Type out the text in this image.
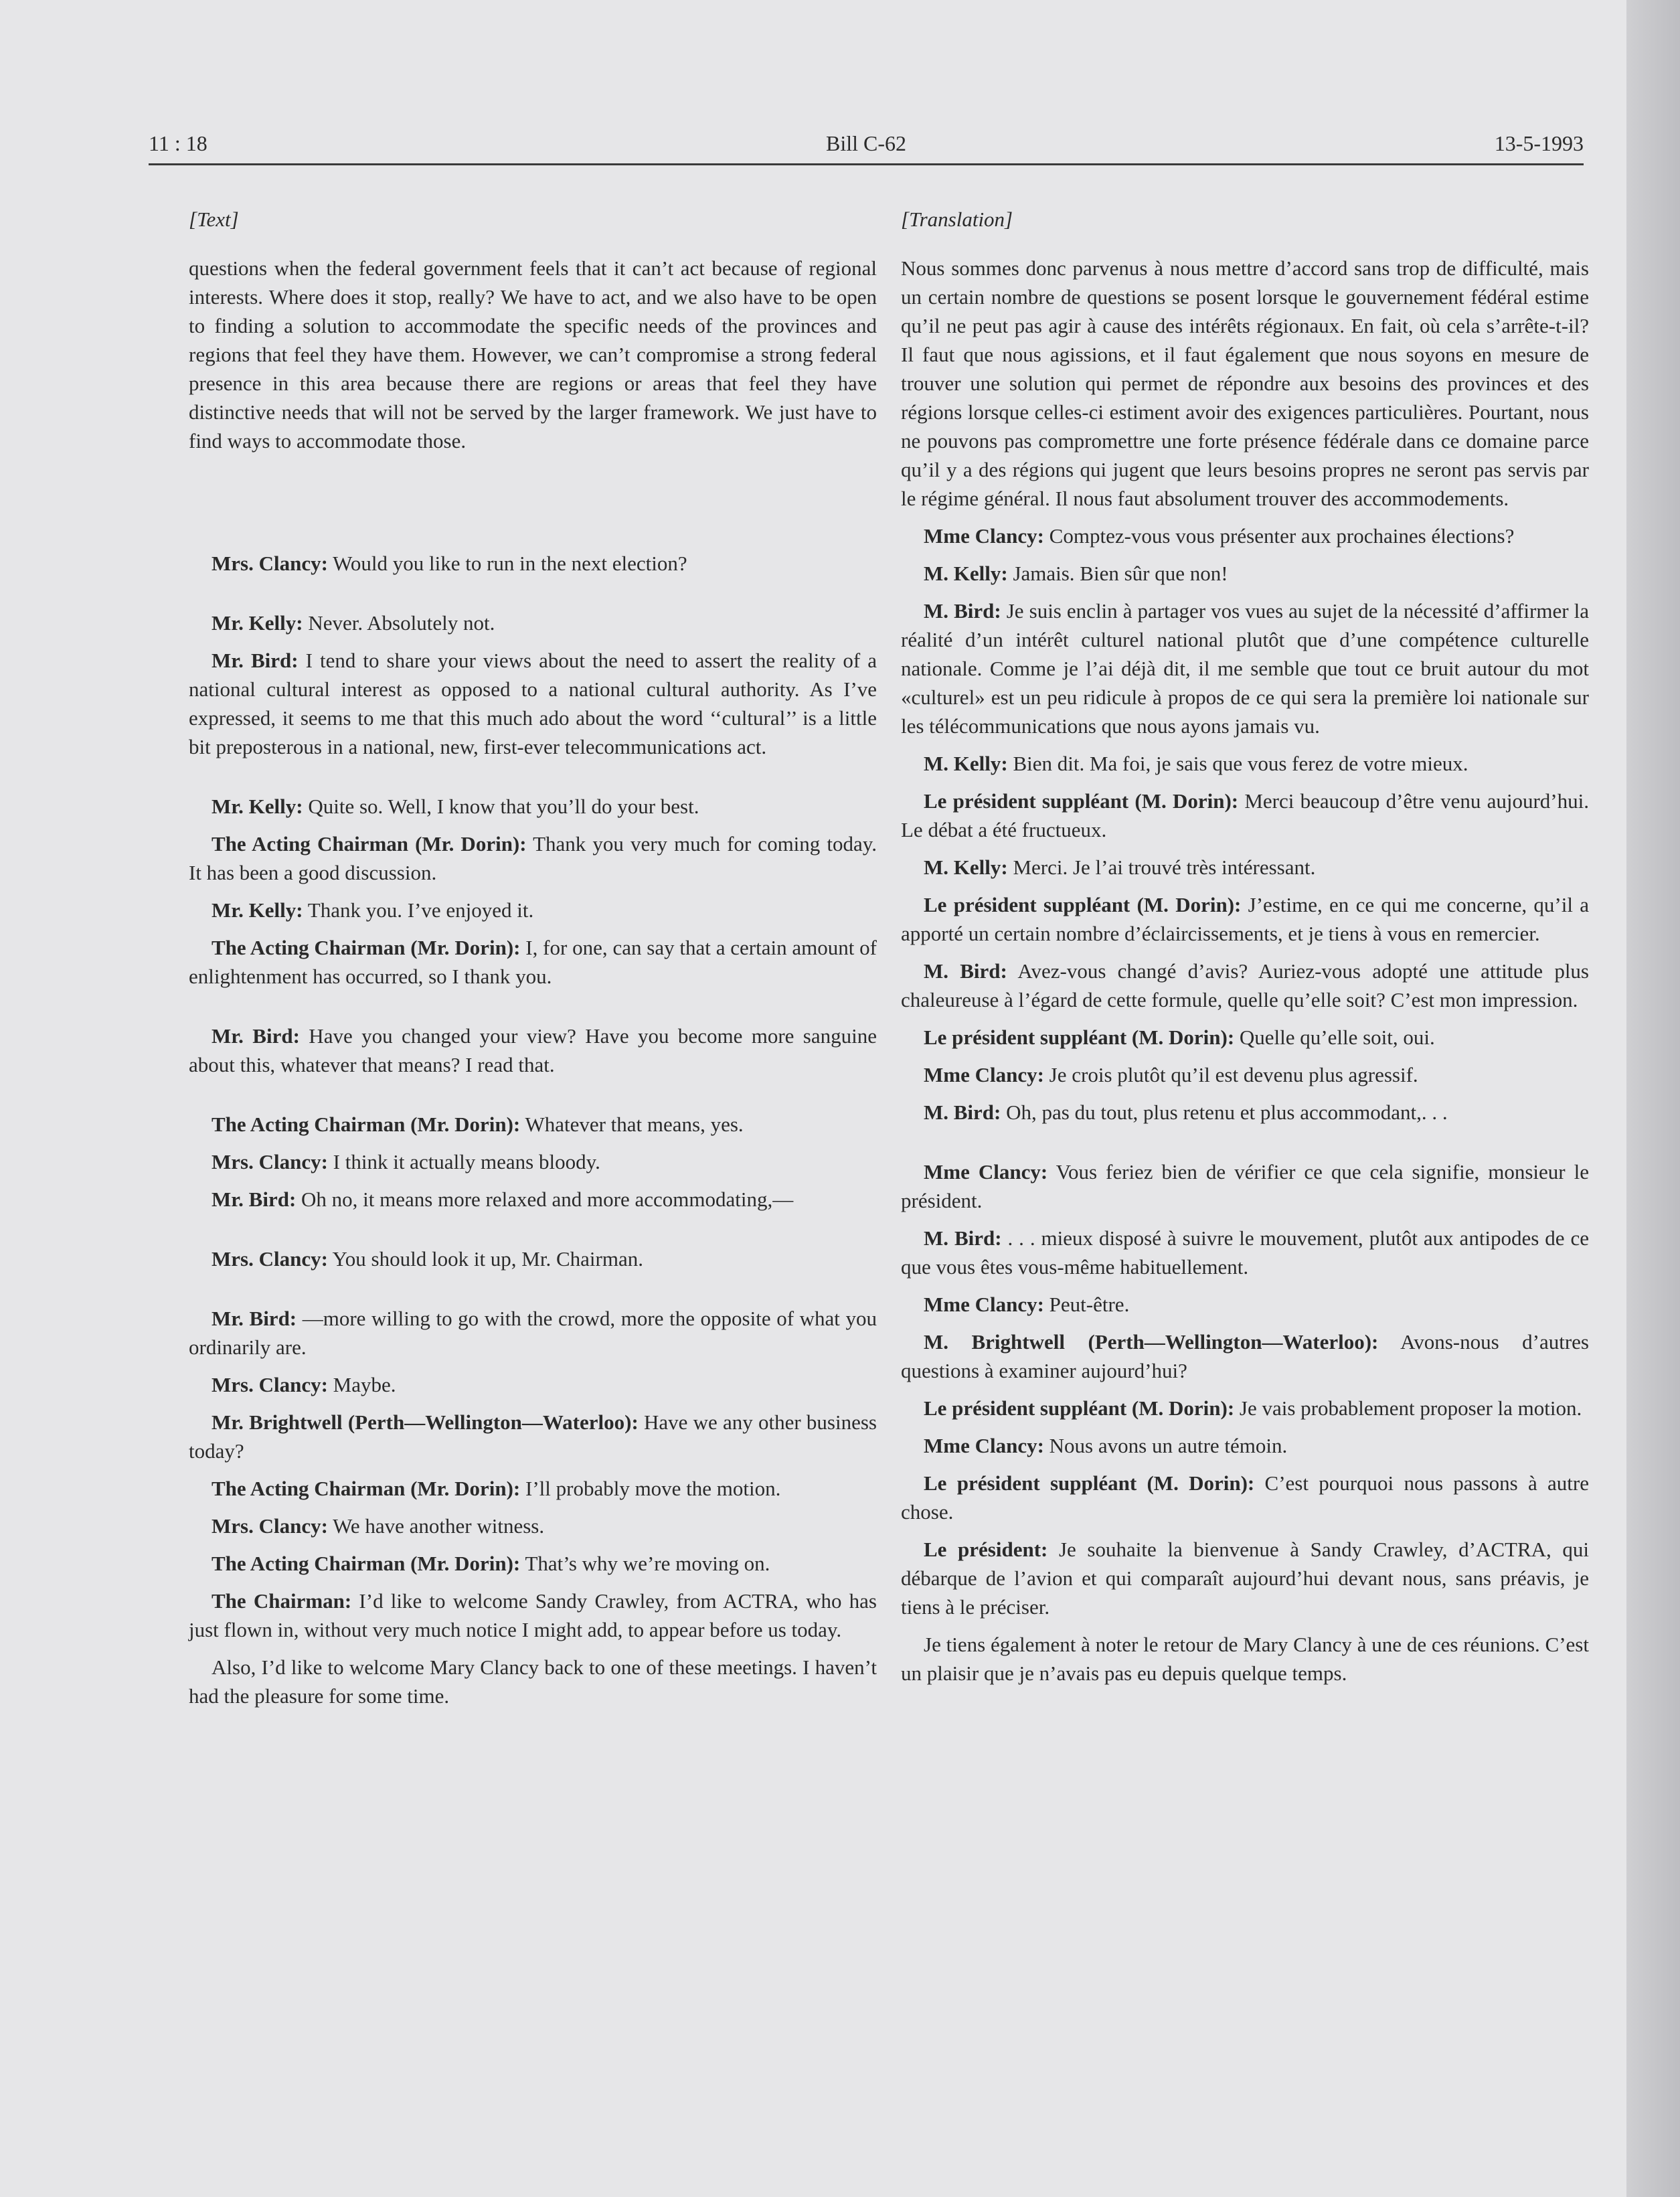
11 : 18	Bill C-62	13-5-1993
[Text]

questions when the federal government feels that it can’t act because of regional interests. Where does it stop, really? We have to act, and we also have to be open to finding a solution to accommodate the specific needs of the provinces and regions that feel they have them. However, we can’t compromise a strong federal presence in this area because there are regions or areas that feel they have distinctive needs that will not be served by the larger framework. We just have to find ways to accommodate those.

Mrs. Clancy: Would you like to run in the next election?

Mr. Kelly: Never. Absolutely not.

Mr. Bird: I tend to share your views about the need to assert the reality of a national cultural interest as opposed to a national cultural authority. As I’ve expressed, it seems to me that this much ado about the word ‘‘cultural’’ is a little bit preposterous in a national, new, first-ever telecommunications act.

Mr. Kelly: Quite so. Well, I know that you’ll do your best.

The Acting Chairman (Mr. Dorin): Thank you very much for coming today. It has been a good discussion.

Mr. Kelly: Thank you. I’ve enjoyed it.

The Acting Chairman (Mr. Dorin): I, for one, can say that a certain amount of enlightenment has occurred, so I thank you.

Mr. Bird: Have you changed your view? Have you become more sanguine about this, whatever that means? I read that.

The Acting Chairman (Mr. Dorin): Whatever that means, yes.

Mrs. Clancy: I think it actually means bloody.

Mr. Bird: Oh no, it means more relaxed and more accommodating,—

Mrs. Clancy: You should look it up, Mr. Chairman.

Mr. Bird: —more willing to go with the crowd, more the opposite of what you ordinarily are.

Mrs. Clancy: Maybe.

Mr. Brightwell (Perth—Wellington—Waterloo): Have we any other business today?

The Acting Chairman (Mr. Dorin): I’ll probably move the motion.

Mrs. Clancy: We have another witness.

The Acting Chairman (Mr. Dorin): That’s why we’re moving on.

The Chairman: I’d like to welcome Sandy Crawley, from ACTRA, who has just flown in, without very much notice I might add, to appear before us today.

Also, I’d like to welcome Mary Clancy back to one of these meetings. I haven’t had the pleasure for some time.

[Translation]

Nous sommes donc parvenus à nous mettre d’accord sans trop de difficulté, mais un certain nombre de questions se posent lorsque le gouvernement fédéral estime qu’il ne peut pas agir à cause des intérêts régionaux. En fait, où cela s’arrête-t-il? Il faut que nous agissions, et il faut également que nous soyons en mesure de trouver une solution qui permet de répondre aux besoins des provinces et des régions lorsque celles-ci estiment avoir des exigences particulières. Pourtant, nous ne pouvons pas compromettre une forte présence fédérale dans ce domaine parce qu’il y a des régions qui jugent que leurs besoins propres ne seront pas servis par le régime général. Il nous faut absolument trouver des accommodements.

Mme Clancy: Comptez-vous vous présenter aux prochaines élections?

M. Kelly: Jamais. Bien sûr que non!

M. Bird: Je suis enclin à partager vos vues au sujet de la nécessité d’affirmer la réalité d’un intérêt culturel national plutôt que d’une compétence culturelle nationale. Comme je l’ai déjà dit, il me semble que tout ce bruit autour du mot «culturel» est un peu ridicule à propos de ce qui sera la première loi nationale sur les télécommunications que nous ayons jamais vu.

M. Kelly: Bien dit. Ma foi, je sais que vous ferez de votre mieux.

Le président suppléant (M. Dorin): Merci beaucoup d’être venu aujourd’hui. Le débat a été fructueux.

M. Kelly: Merci. Je l’ai trouvé très intéressant.

Le président suppléant (M. Dorin): J’estime, en ce qui me concerne, qu’il a apporté un certain nombre d’éclaircissements, et je tiens à vous en remercier.

M. Bird: Avez-vous changé d’avis? Auriez-vous adopté une attitude plus chaleureuse à l’égard de cette formule, quelle qu’elle soit? C’est mon impression.

Le président suppléant (M. Dorin): Quelle qu’elle soit, oui.

Mme Clancy: Je crois plutôt qu’il est devenu plus agressif.

M. Bird: Oh, pas du tout, plus retenu et plus accommodant,. . .

Mme Clancy: Vous feriez bien de vérifier ce que cela signifie, monsieur le président.

M. Bird: . . . mieux disposé à suivre le mouvement, plutôt aux antipodes de ce que vous êtes vous-même habituellement.

Mme Clancy: Peut-être.

M. Brightwell (Perth—Wellington—Waterloo): Avons-nous d’autres questions à examiner aujourd’hui?

Le président suppléant (M. Dorin): Je vais probablement proposer la motion.

Mme Clancy: Nous avons un autre témoin.

Le président suppléant (M. Dorin): C’est pourquoi nous passons à autre chose.

Le président: Je souhaite la bienvenue à Sandy Crawley, d’ACTRA, qui débarque de l’avion et qui comparaît aujourd’hui devant nous, sans préavis, je tiens à le préciser.

Je tiens également à noter le retour de Mary Clancy à une de ces réunions. C’est un plaisir que je n’avais pas eu depuis quelque temps.
